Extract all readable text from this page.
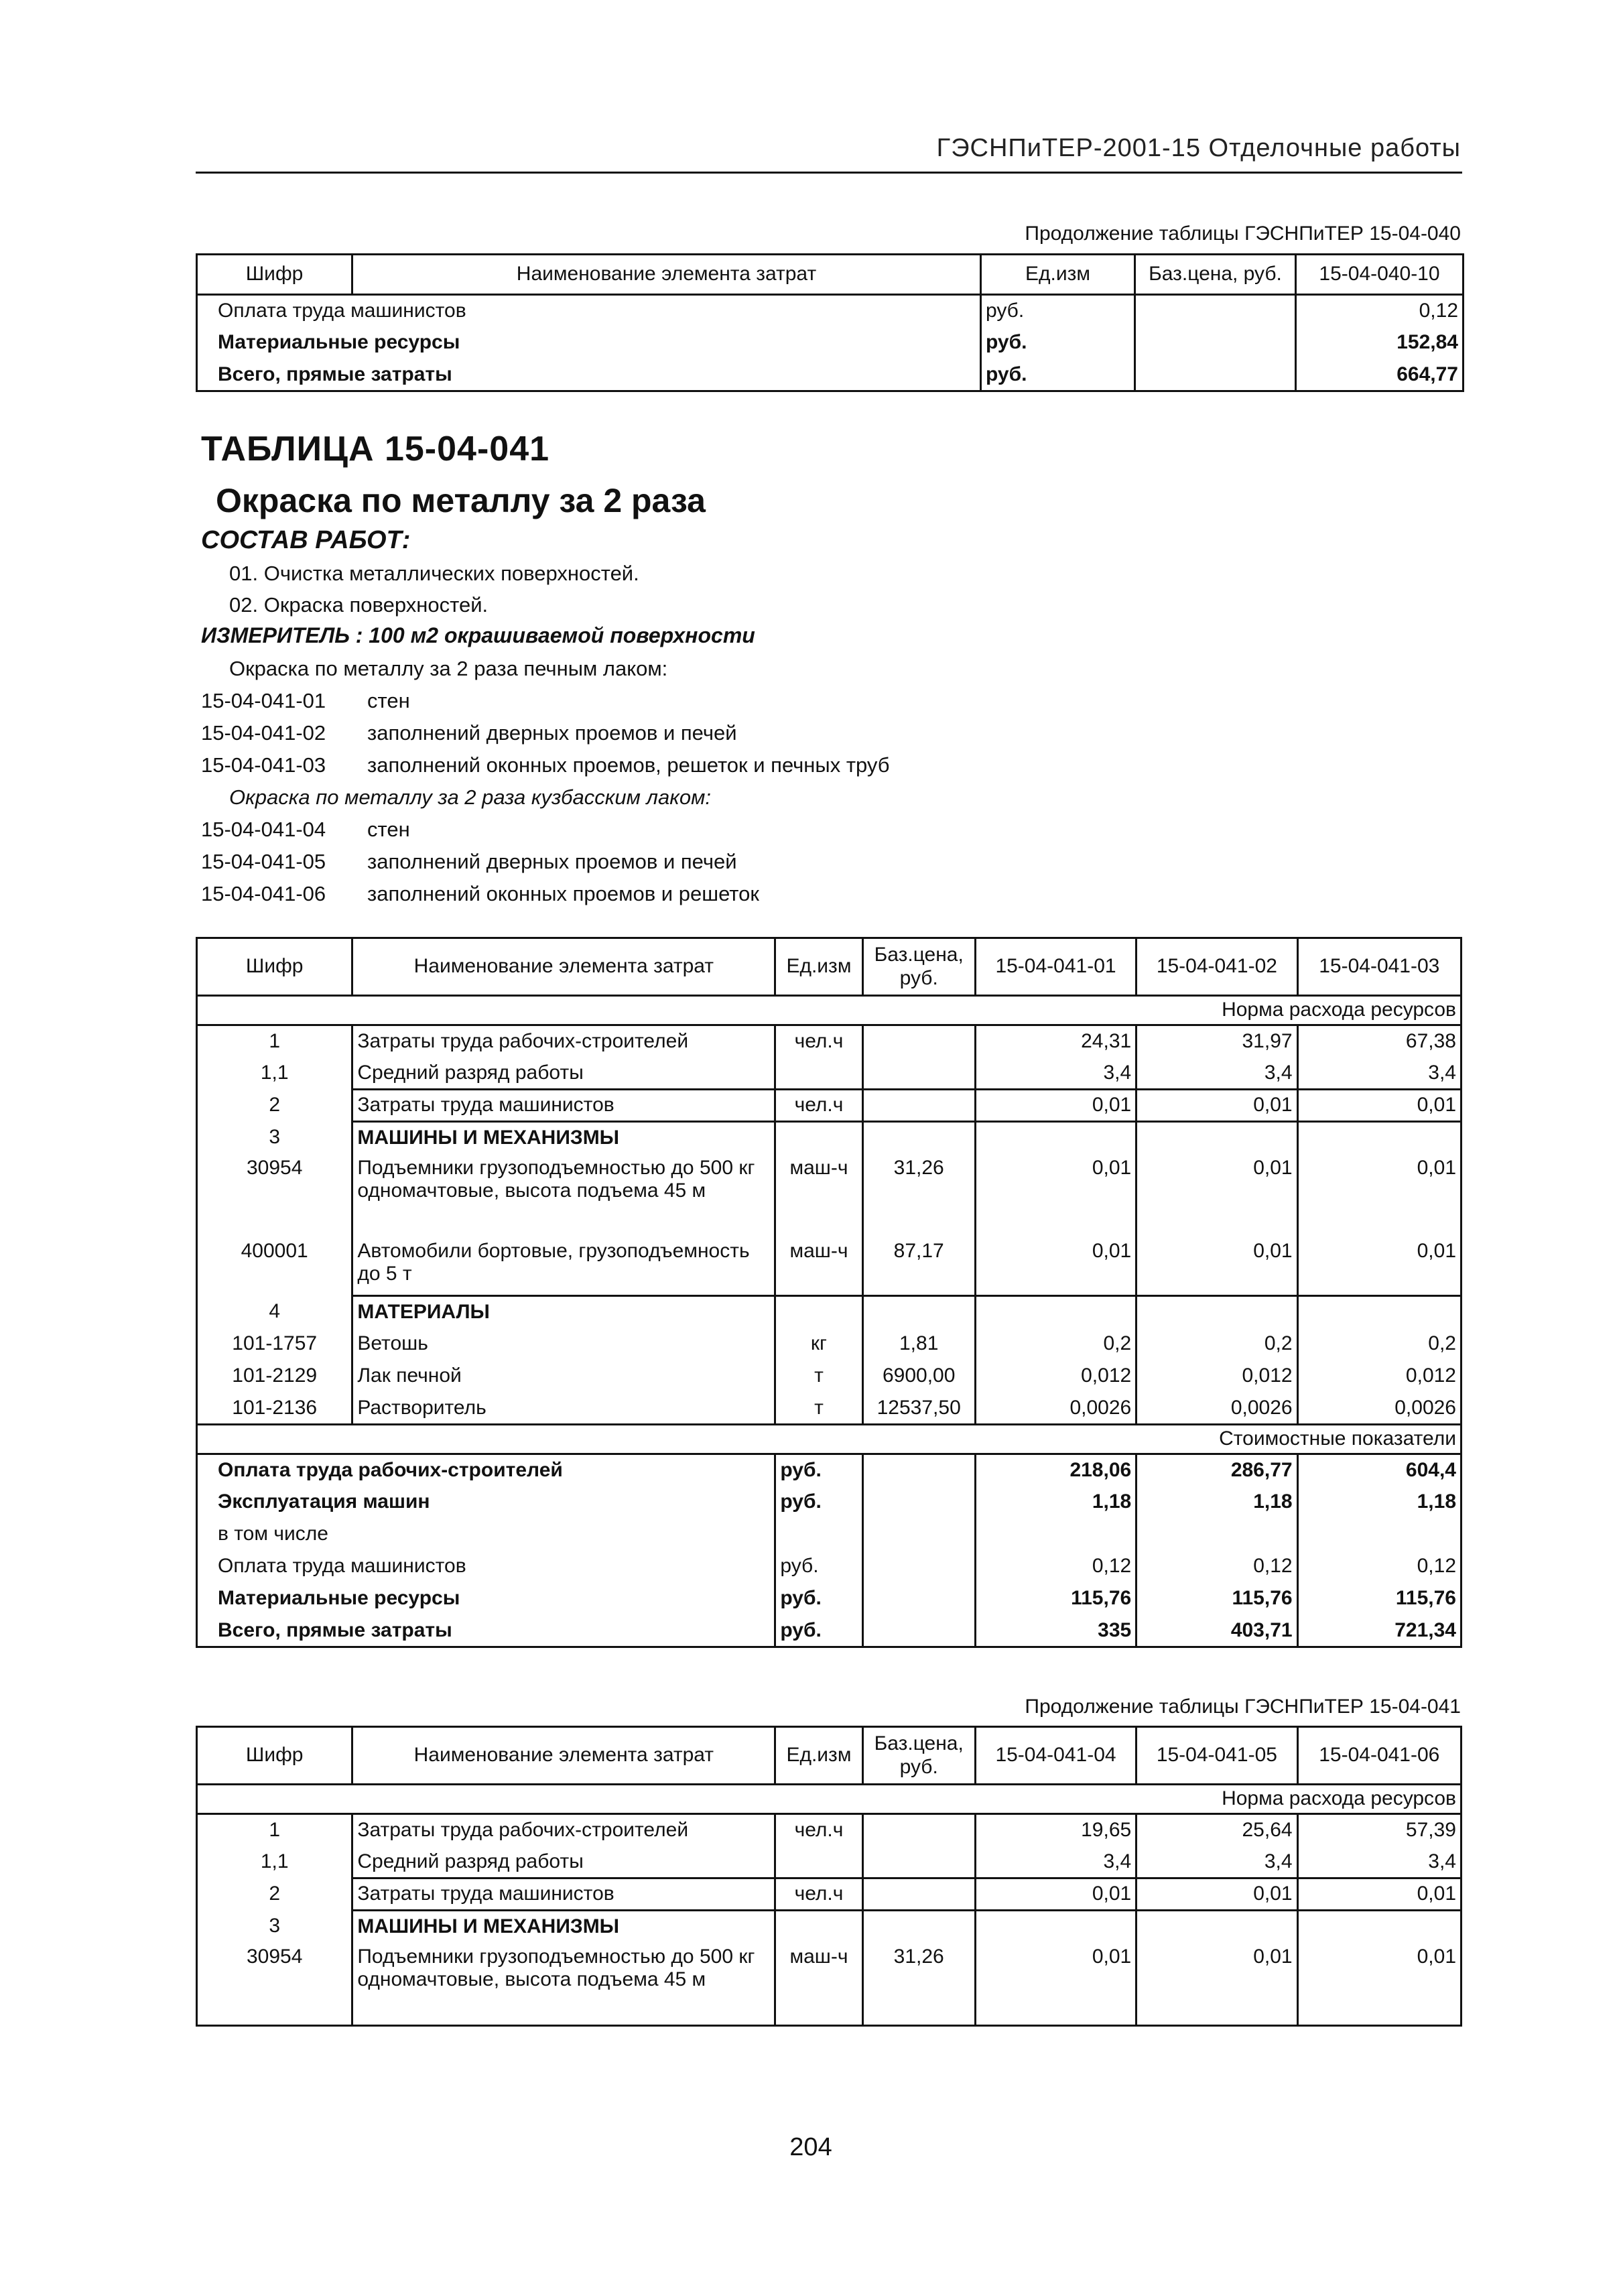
ГЭСНПиТЕР-2001-15 Отделочные работы
Продолжение таблицы ГЭСНПиТЕР 15-04-040
Шифр	Наименование элемента затрат	Ед.изм	Баз.цена, руб.	15-04-040-10
Оплата труда машинистов		руб.		0,12
Материальные ресурсы		руб.		152,84
Всего, прямые затраты		руб.		664,77
ТАБЛИЦА 15-04-041
Окраска по металлу за 2 раза
СОСТАВ РАБОТ:
01. Очистка металлических поверхностей.
02. Окраска поверхностей.
ИЗМЕРИТЕЛЬ : 100 м2 окрашиваемой поверхности
Окраска по металлу за 2 раза печным лаком:
15-04-041-01 стен
15-04-041-02 заполнений дверных проемов и печей
15-04-041-03 заполнений оконных проемов, решеток и печных труб
Окраска по металлу за 2 раза кузбасским лаком:
15-04-041-04 стен
15-04-041-05 заполнений дверных проемов и печей
15-04-041-06 заполнений оконных проемов и решеток
Шифр	Наименование элемента затрат	Ед.изм	Баз.цена, руб.	15-04-041-01	15-04-041-02	15-04-041-03
Норма расхода ресурсов						
1	Затраты труда рабочих-строителей	чел.ч		24,31	31,97	67,38
1,1	Средний разряд работы			3,4	3,4	3,4
2	Затраты труда машинистов	чел.ч		0,01	0,01	0,01
3	МАШИНЫ И МЕХАНИЗМЫ					
30954	Подъемники грузоподъемностью до 500 кг одномачтовые, высота подъема 45 м	маш-ч	31,26	0,01	0,01	0,01
400001	Автомобили бортовые, грузоподъемность до 5 т	маш-ч	87,17	0,01	0,01	0,01
4	МАТЕРИАЛЫ					
101-1757	Ветошь	кг	1,81	0,2	0,2	0,2
101-2129	Лак печной	т	6900,00	0,012	0,012	0,012
101-2136	Растворитель	т	12537,50	0,0026	0,0026	0,0026
Стоимостные показатели						
Оплата труда рабочих-строителей		руб.		218,06	286,77	604,4
Эксплуатация машин		руб.		1,18	1,18	1,18
в том числе						
Оплата труда машинистов		руб.		0,12	0,12	0,12
Материальные ресурсы		руб.		115,76	115,76	115,76
Всего, прямые затраты		руб.		335	403,71	721,34
Продолжение таблицы ГЭСНПиТЕР 15-04-041
Шифр	Наименование элемента затрат	Ед.изм	Баз.цена, руб.	15-04-041-04	15-04-041-05	15-04-041-06
Норма расхода ресурсов						
1	Затраты труда рабочих-строителей	чел.ч		19,65	25,64	57,39
1,1	Средний разряд работы			3,4	3,4	3,4
2	Затраты труда машинистов	чел.ч		0,01	0,01	0,01
3	МАШИНЫ И МЕХАНИЗМЫ					
30954	Подъемники грузоподъемностью до 500 кг одномачтовые, высота подъема 45 м	маш-ч	31,26	0,01	0,01	0,01
204
